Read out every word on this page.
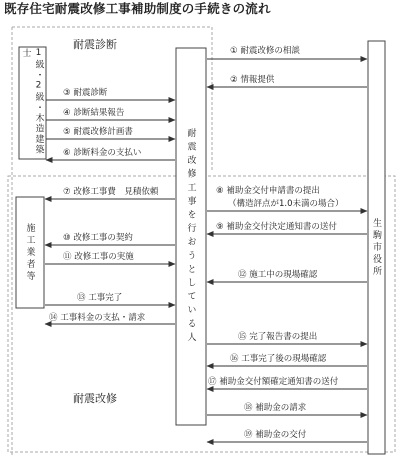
既存住宅耐震改修工事補助制度の手続きの流れ
耐震診断
耐震改修
1級・2級・木造建築士
施工業者等	耐震改修工事を行おうとしている人	生駒市役所
① 耐震改修の相談
② 情報提供
③ 耐震診断
④ 診断結果報告
⑤ 耐震改修計画書
⑥ 診断料金の支払い
⑦ 改修工事費　見積依頼	⑧ 補助金交付申請書の提出
（構造評点が1.0未満の場合）
⑨ 補助金交付決定通知書の送付
⑩ 改修工事の契約
⑪ 改修工事の実施
⑫ 施工中の現場確認
⑬ 工事完了
⑭ 工事料金の支払・請求
⑮ 完了報告書の提出
⑯ 工事完了後の現場確認
⑰ 補助金交付額確定通知書の送付
⑱ 補助金の請求
⑲ 補助金の交付
